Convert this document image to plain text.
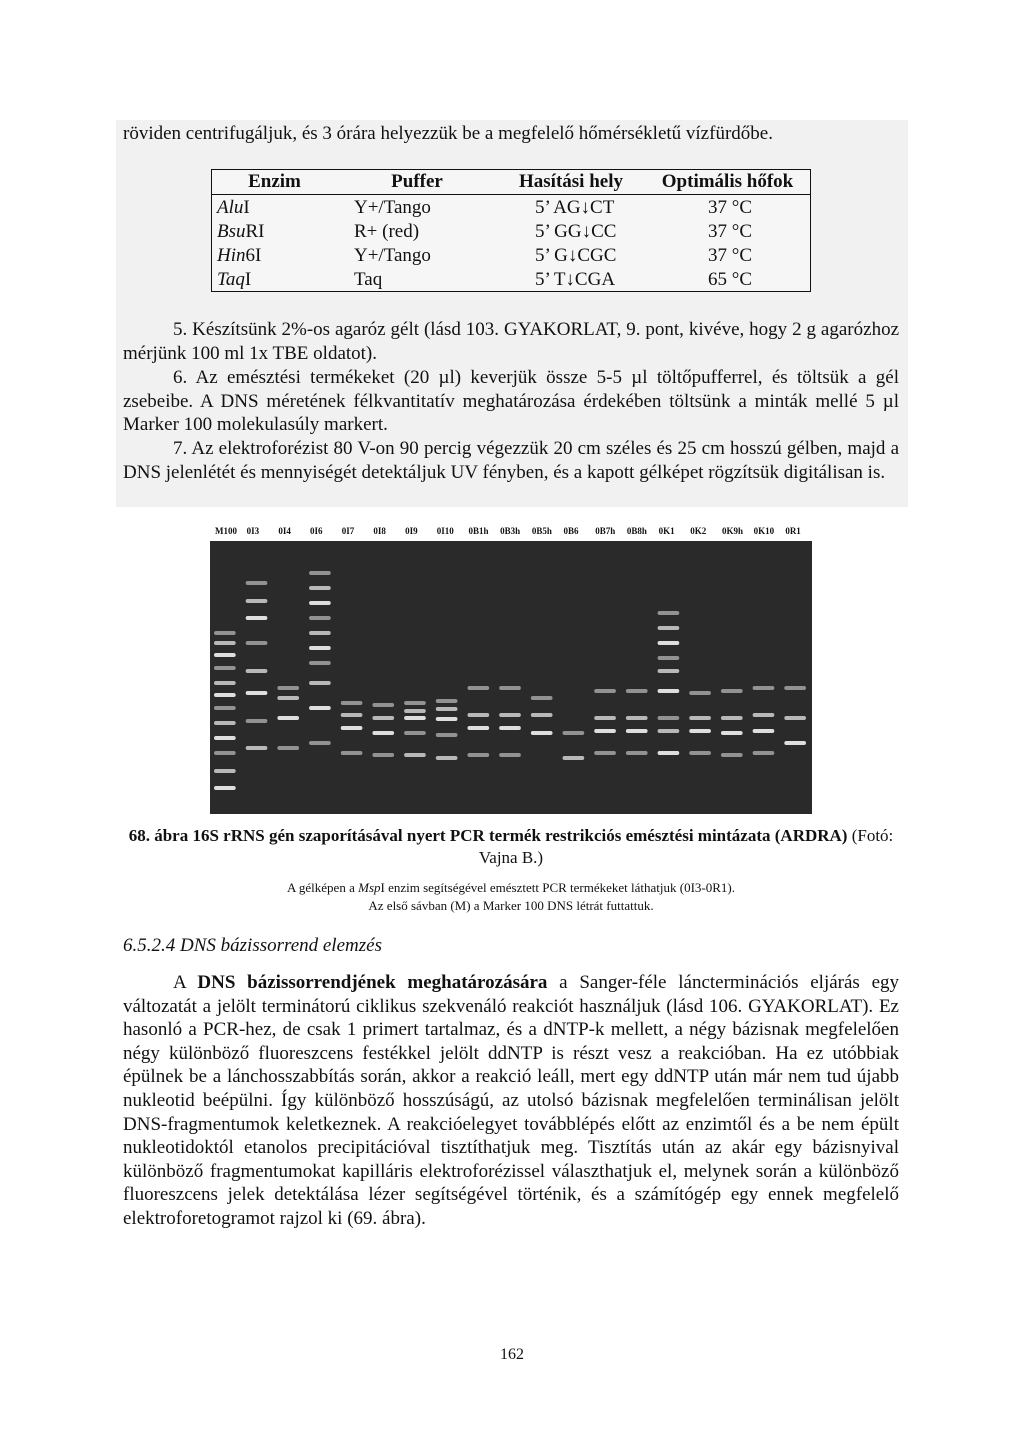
röviden centrifugáljuk, és 3 órára helyezzük be a megfelelő hőmérsékletű vízfürdőbe.

Enzim	Puffer	Hasítási hely	Optimális hőfok
AluI	Y+/Tango	5’ AG↓CT	37 °C
BsuRI	R+ (red)	5’ GG↓CC	37 °C
Hin6I	Y+/Tango	5’ G↓CGC	37 °C
TaqI	Taq	5’ T↓CGA	65 °C

5. Készítsünk 2%-os agaróz gélt (lásd 103. GYAKORLAT, 9. pont, kivéve, hogy 2 g agarózhoz mérjünk 100 ml 1x TBE oldatot).

6. Az emésztési termékeket (20 µl) keverjük össze 5-5 µl töltőpufferrel, és töltsük a gél zsebeibe. A DNS méretének félkvantitatív meghatározása érdekében töltsünk a minták mellé 5 µl Marker 100 molekulasúly markert.

7. Az elektroforézist 80 V-on 90 percig végezzük 20 cm széles és 25 cm hosszú gélben, majd a DNS jelenlétét és mennyiségét detektáljuk UV fényben, és a kapott gélképet rögzítsük digitálisan is.

M100 0I3 0I4 0I6 0I7 0I8 0I9 0I10 0B1h 0B3h 0B5h 0B6 0B7h 0B8h 0K1 0K2 0K9h 0K10 0R1
68. ábra 16S rRNS gén szaporításával nyert PCR termék restrikciós emésztési mintázata (ARDRA) (Fotó: Vajna B.)
A gélképen a MspI enzim segítségével emésztett PCR termékeket láthatjuk (0I3-0R1).
Az első sávban (M) a Marker 100 DNS létrát futtattuk.
6.5.2.4 DNS bázissorrend elemzés

A DNS bázissorrendjének meghatározására a Sanger-féle láncterminációs eljárás egy változatát a jelölt terminátorú ciklikus szekvenáló reakciót használjuk (lásd 106. GYAKORLAT). Ez hasonló a PCR-hez, de csak 1 primert tartalmaz, és a dNTP-k mellett, a négy bázisnak megfelelően négy különböző fluoreszcens festékkel jelölt ddNTP is részt vesz a reakcióban. Ha ez utóbbiak épülnek be a lánchosszabbítás során, akkor a reakció leáll, mert egy ddNTP után már nem tud újabb nukleotid beépülni. Így különböző hosszúságú, az utolsó bázisnak megfelelően terminálisan jelölt DNS-fragmentumok keletkeznek. A reakcióelegyet továbblépés előtt az enzimtől és a be nem épült nukleotidoktól etanolos precipitációval tisztíthatjuk meg. Tisztítás után az akár egy bázisnyival különböző fragmentumokat kapilláris elektroforézissel választhatjuk el, melynek során a különböző fluoreszcens jelek detektálása lézer segítségével történik, és a számítógép egy ennek megfelelő elektroforetogramot rajzol ki (69. ábra).

162
